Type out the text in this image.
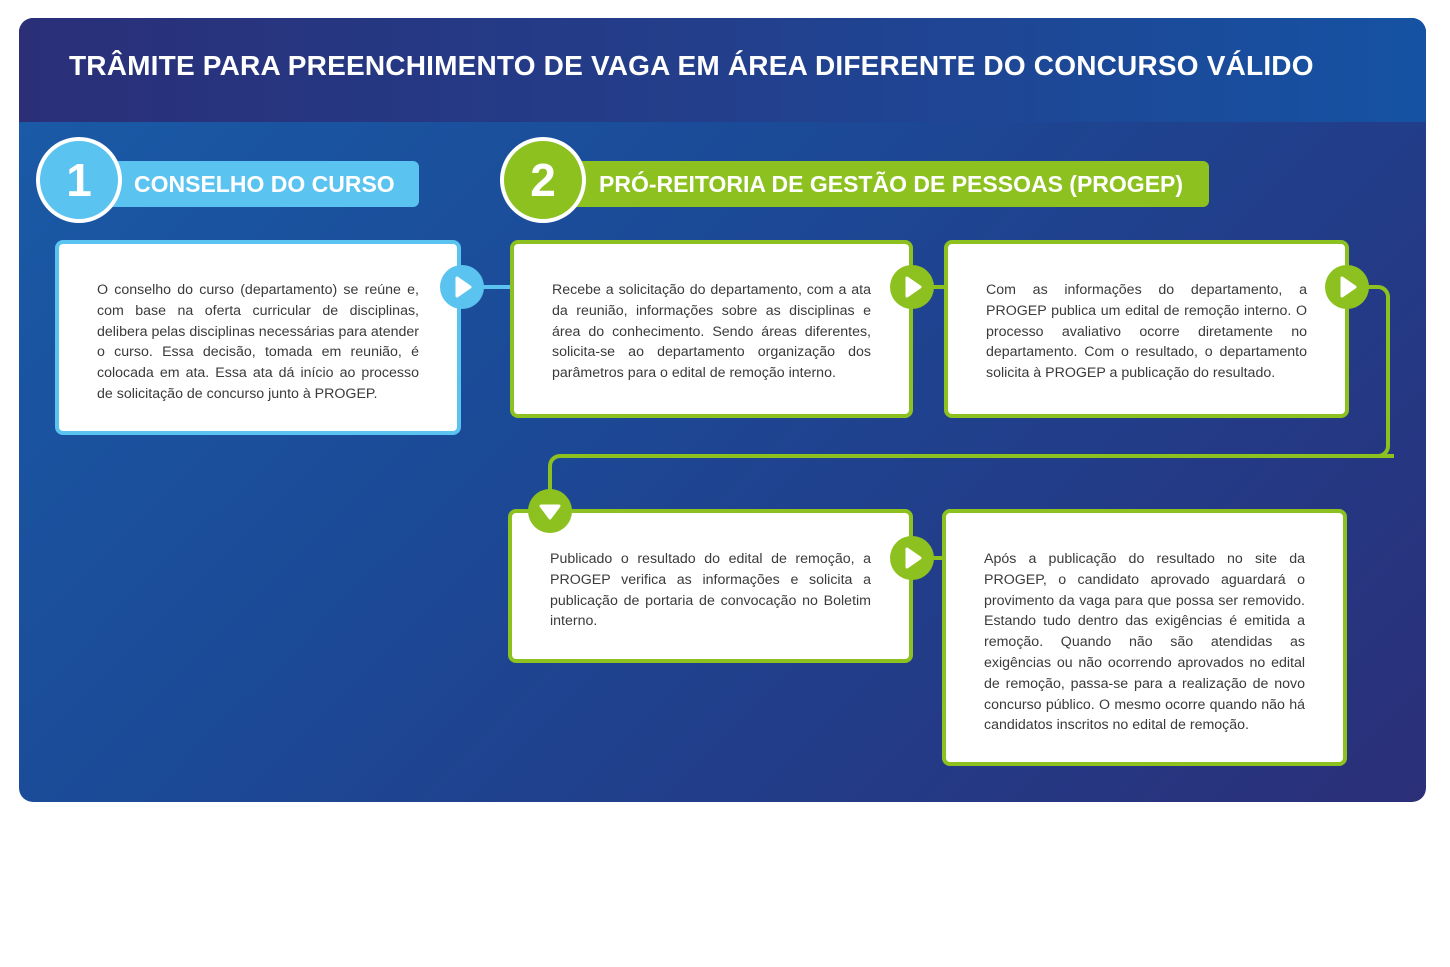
TRÂMITE PARA PREENCHIMENTO DE VAGA EM ÁREA DIFERENTE DO CONCURSO VÁLIDO
CONSELHO DO CURSO
1	PRÓ-REITORIA DE GESTÃO DE PESSOAS (PROGEP)
2

O conselho do curso (departamento) se reúne e, com base na oferta curricular de disciplinas, delibera pelas disciplinas necessárias para atender o curso. Essa decisão, tomada em reunião, é colocada em ata. Essa ata dá início ao processo de solicitação de concurso junto à PROGEP.

Recebe a solicitação do departamento, com a ata da reunião, informações sobre as disciplinas e área do conhecimento. Sendo áreas diferentes, solicita-se ao departamento organização dos parâmetros para o edital de remoção interno.

Com as informações do departamento, a PROGEP publica um edital de remoção interno. O processo avaliativo ocorre diretamente no departamento. Com o resultado, o departamento solicita à PROGEP a publicação do resultado.

Publicado o resultado do edital de remoção, a PROGEP verifica as informações e solicita a publicação de portaria de convocação no Boletim interno.

Após a publicação do resultado no site da PROGEP, o candidato aprovado aguardará o provimento da vaga para que possa ser removido. Estando tudo dentro das exigências é emitida a remoção. Quando não são atendidas as exigências ou não ocorrendo aprovados no edital de remoção, passa-se para a realização de novo concurso público. O mesmo ocorre quando não há candidatos inscritos no edital de remoção.
